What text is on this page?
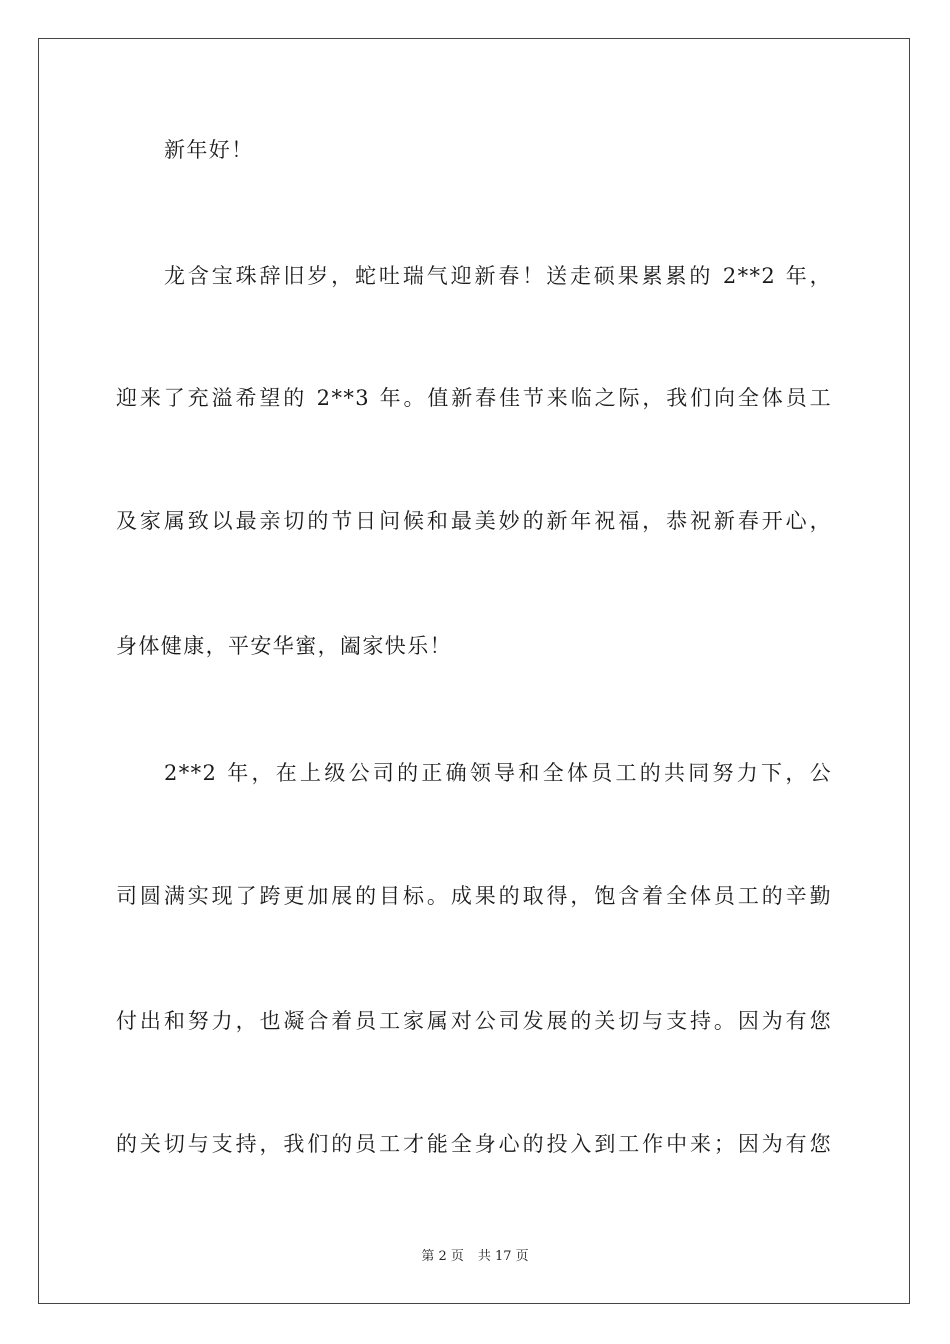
新年好！
龙含宝珠辞旧岁，蛇吐瑞气迎新春！送走硕果累累的 2**2 年，
迎来了充溢希望的 2**3 年。值新春佳节来临之际，我们向全体员工
及家属致以最亲切的节日问候和最美妙的新年祝福，恭祝新春开心，
身体健康，平安华蜜，阖家快乐！
2**2 年，在上级公司的正确领导和全体员工的共同努力下，公
司圆满实现了跨更加展的目标。成果的取得，饱含着全体员工的辛勤
付出和努力，也凝合着员工家属对公司发展的关切与支持。因为有您
的关切与支持，我们的员工才能全身心的投入到工作中来；因为有您
第 2 页 共 17 页
